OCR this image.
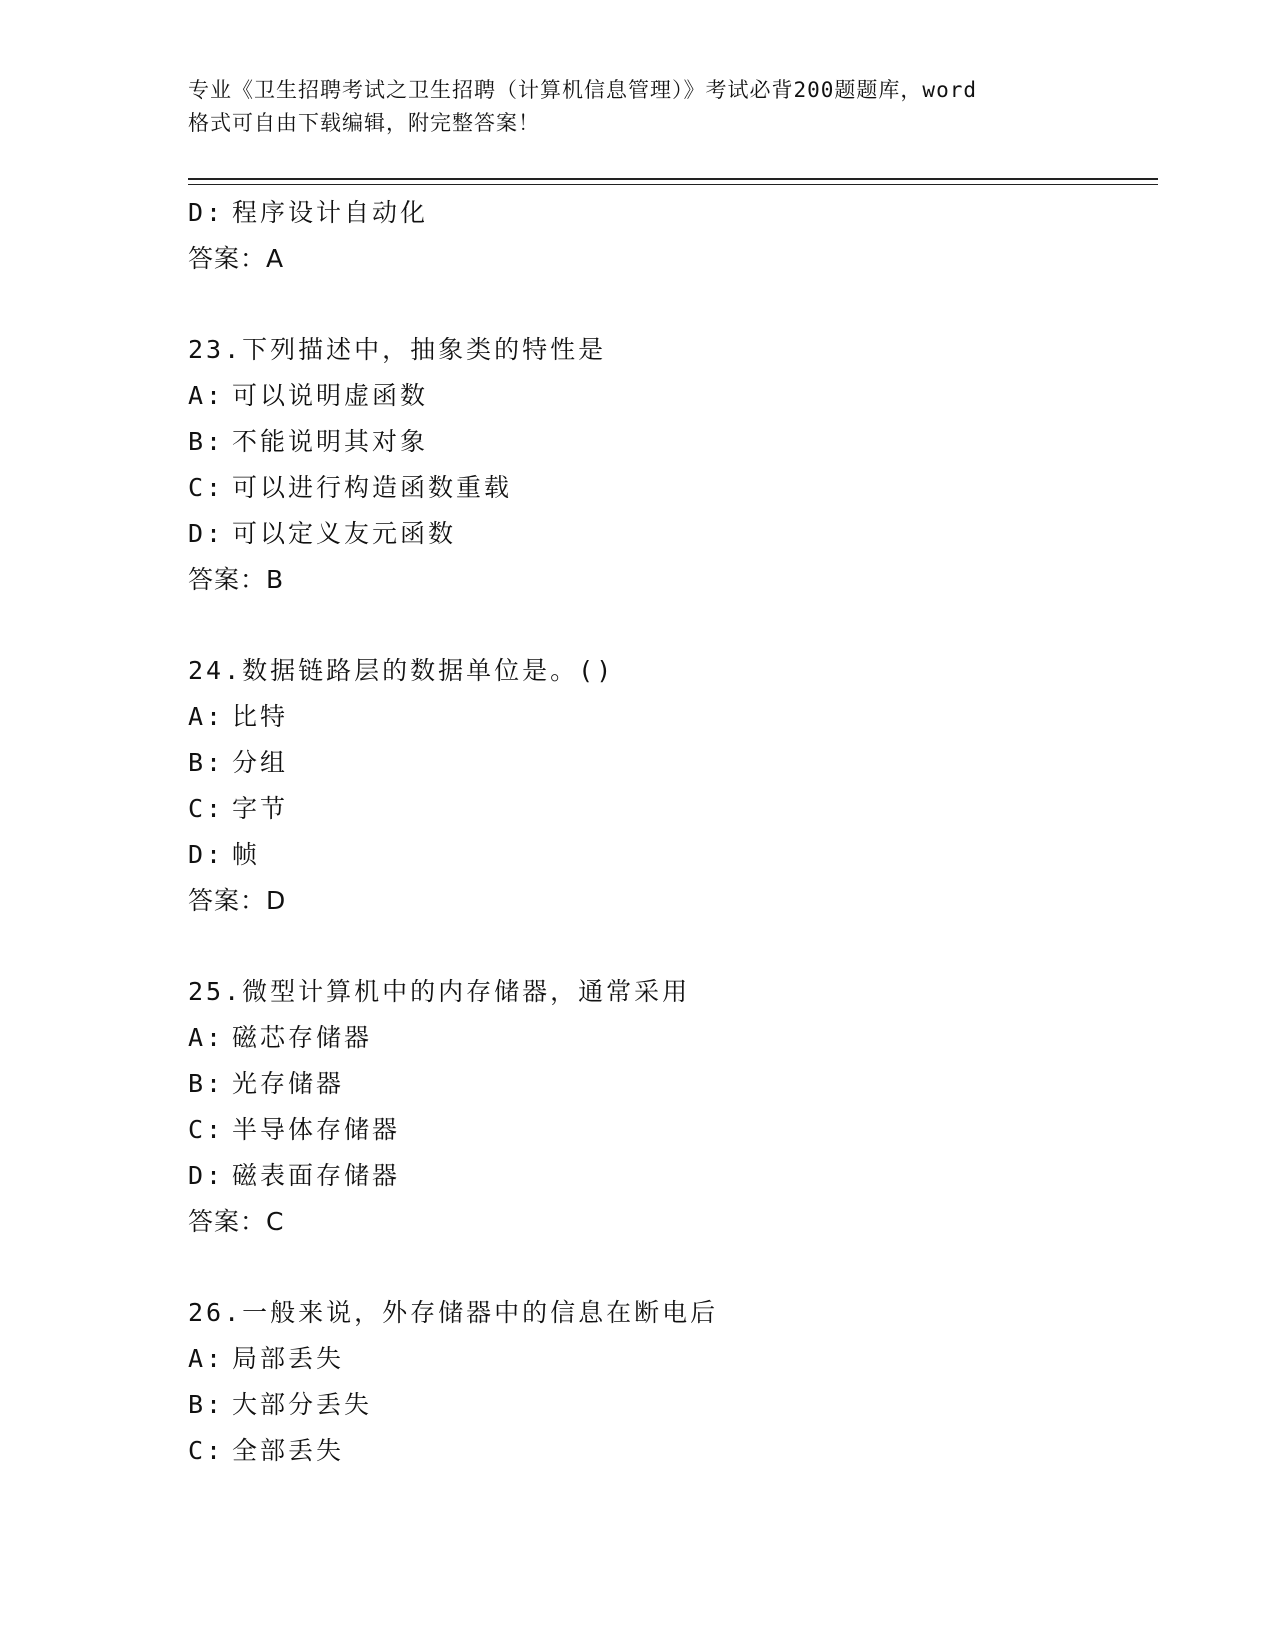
专业《卫生招聘考试之卫生招聘（计算机信息管理）》考试必背200题题库，word
格式可自由下载编辑，附完整答案！
D: 程序设计自动化
答案：A
23.下列描述中，抽象类的特性是
A: 可以说明虚函数
B: 不能说明其对象
C: 可以进行构造函数重载
D: 可以定义友元函数
答案：B
24.数据链路层的数据单位是。()
A: 比特
B: 分组
C: 字节
D: 帧
答案：D
25.微型计算机中的内存储器，通常采用
A: 磁芯存储器
B: 光存储器
C: 半导体存储器
D: 磁表面存储器
答案：C
26.一般来说，外存储器中的信息在断电后
A: 局部丢失
B: 大部分丢失
C: 全部丢失
